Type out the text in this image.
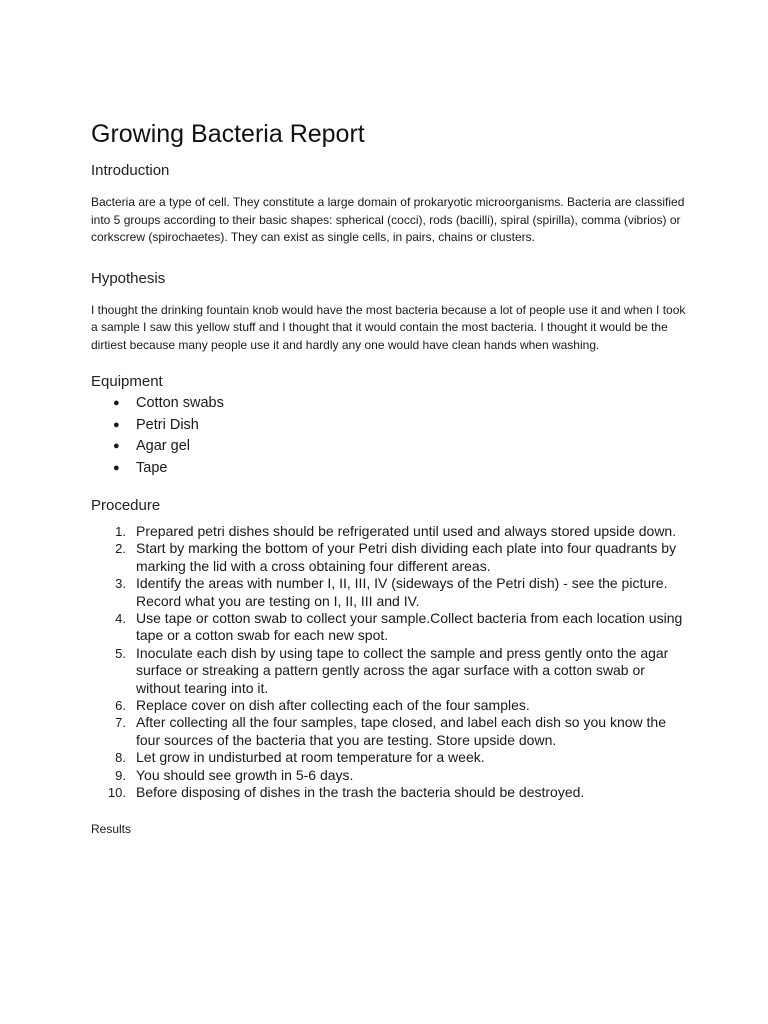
Growing Bacteria Report
Introduction

Bacteria are a type of cell. They constitute a large domain of prokaryotic microorganisms. Bacteria are classified into 5 groups according to their basic shapes: spherical (cocci), rods (bacilli), spiral (spirilla), comma (vibrios) or corkscrew (spirochaetes). They can exist as single cells, in pairs, chains or clusters.

Hypothesis

I thought the drinking fountain knob would have the most bacteria because a lot of people use it and when I took a sample I saw this yellow stuff and I thought that it would contain the most bacteria. I thought it would be the dirtiest because many people use it and hardly any one would have clean hands when washing.

Equipment
● Cotton swabs
● Petri Dish
● Agar gel
● Tape
Procedure
1. Prepared petri dishes should be refrigerated until used and always stored upside down.
2. Start by marking the bottom of your Petri dish dividing each plate into four quadrants by marking the lid with a cross obtaining four different areas.
3. Identify the areas with number I, II, III, IV (sideways of the Petri dish) - see the picture. Record what you are testing on I, II, III and IV.
4. Use tape or cotton swab to collect your sample.Collect bacteria from each location using tape or a cotton swab for each new spot.
5. Inoculate each dish by using tape to collect the sample and press gently onto the agar surface or streaking a pattern gently across the agar surface with a cotton swab or without tearing into it.
6. Replace cover on dish after collecting each of the four samples.
7. After collecting all the four samples, tape closed, and label each dish so you know the four sources of the bacteria that you are testing. Store upside down.
8. Let grow in undisturbed at room temperature for a week.
9. You should see growth in 5-6 days.
10. Before disposing of dishes in the trash the bacteria should be destroyed.
Results
